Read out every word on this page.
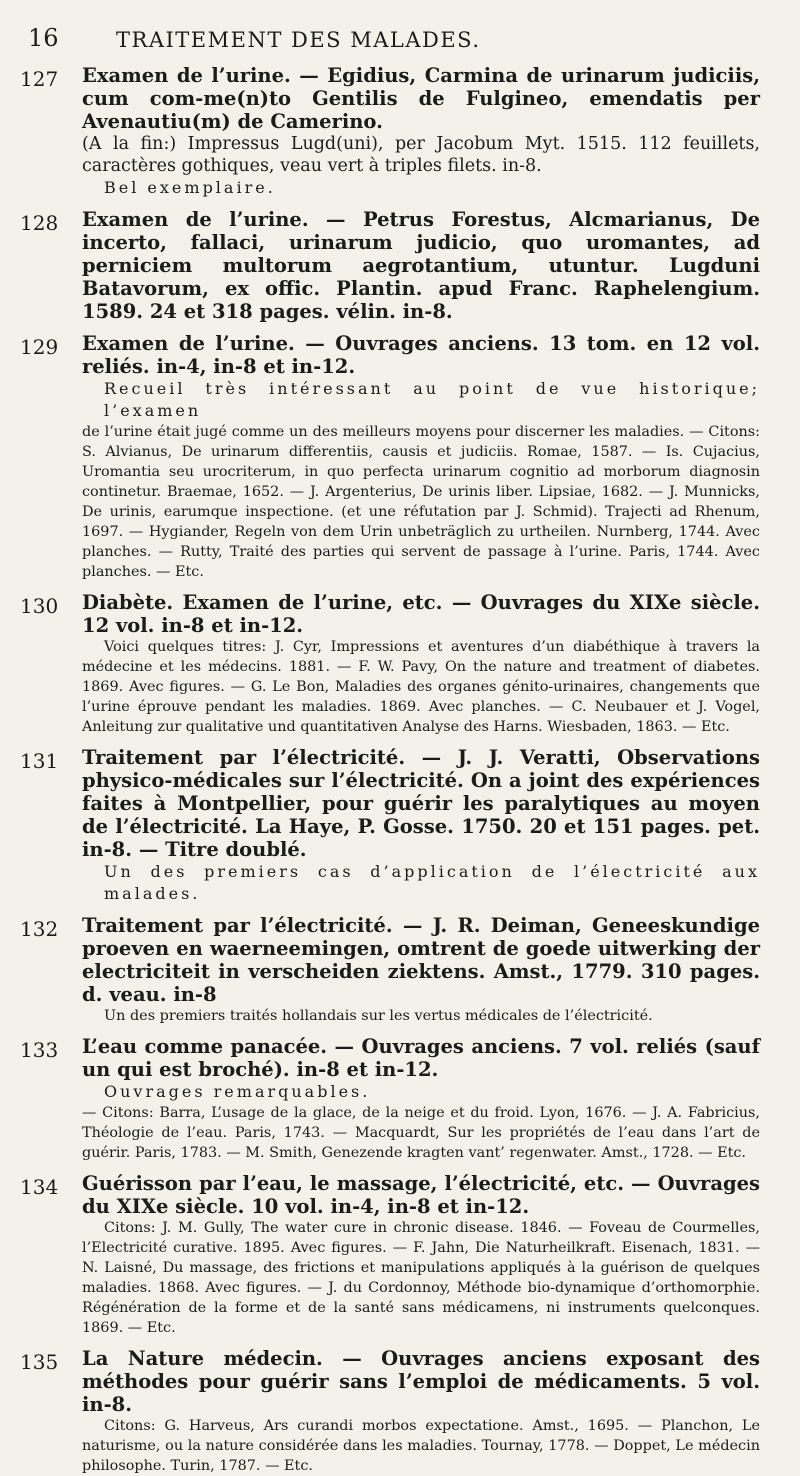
16	TRAITEMENT DES MALADES.
127	Examen de l’urine. — Egidius, Carmina de urinarum judiciis, cum com-me(n)to Gentilis de Fulgineo, emendatis per Avenautiu(m) de Camerino.
(A la fin:) Impressus Lugd(uni), per Jacobum Myt. 1515. 112 feuillets, caractères gothiques, veau vert à triples filets. in-8.
Bel exemplaire.
128	Examen de l’urine. — Petrus Forestus, Alcmarianus, De incerto, fallaci, urinarum judicio, quo uromantes, ad perniciem multorum aegrotantium, utuntur. Lugduni Batavorum, ex offic. Plantin. apud Franc. Raphelengium. 1589. 24 et 318 pages. vélin. in-8.
129	Examen de l’urine. — Ouvrages anciens. 13 tom. en 12 vol. reliés. in-4, in-8 et in-12.
Recueil très intéressant au point de vue historique; l’examen
de l’urine était jugé comme un des meilleurs moyens pour discerner les maladies. — Citons: S. Alvianus, De urinarum differentiis, causis et judiciis. Romae, 1587. — Is. Cujacius, Uromantia seu urocriterum, in quo perfecta urinarum cognitio ad morborum diagnosin continetur. Braemae, 1652. — J. Argenterius, De urinis liber. Lipsiae, 1682. — J. Munnicks, De urinis, earumque inspectione. (et une réfutation par J. Schmid). Trajecti ad Rhenum, 1697. — Hygiander, Regeln von dem Urin unbeträglich zu urtheilen. Nurnberg, 1744. Avec planches. — Rutty, Traité des parties qui servent de passage à l’urine. Paris, 1744. Avec planches. — Etc.
130	Diabète. Examen de l’urine, etc. — Ouvrages du XIXe siècle. 12 vol. in-8 et in-12.
Voici quelques titres: J. Cyr, Impressions et aventures d’un diabéthique à travers la médecine et les médecins. 1881. — F. W. Pavy, On the nature and treatment of diabetes. 1869. Avec figures. — G. Le Bon, Maladies des organes génito-urinaires, changements que l’urine éprouve pendant les maladies. 1869. Avec planches. — C. Neubauer et J. Vogel, Anleitung zur qualitative und quantitativen Analyse des Harns. Wiesbaden, 1863. — Etc.
131	Traitement par l’électricité. — J. J. Veratti, Observations physico-médicales sur l’électricité. On a joint des expériences faites à Montpellier, pour guérir les paralytiques au moyen de l’électricité. La Haye, P. Gosse. 1750. 20 et 151 pages. pet. in-8. — Titre doublé.
Un des premiers cas d’application de l’électricité aux malades.
132	Traitement par l’électricité. — J. R. Deiman, Geneeskundige proeven en waerneemingen, omtrent de goede uitwerking der electriciteit in verscheiden ziektens. Amst., 1779. 310 pages. d. veau. in-8
Un des premiers traités hollandais sur les vertus médicales de l’électricité.
133	L’eau comme panacée. — Ouvrages anciens. 7 vol. reliés (sauf un qui est broché). in-8 et in-12.
Ouvrages remarquables.
— Citons: Barra, L’usage de la glace, de la neige et du froid. Lyon, 1676. — J. A. Fabricius, Théologie de l’eau. Paris, 1743. — Macquardt, Sur les propriétés de l’eau dans l’art de guérir. Paris, 1783. — M. Smith, Genezende kragten vant’ regenwater. Amst., 1728. — Etc.
134	Guérisson par l’eau, le massage, l’électricité, etc. — Ouvrages du XIXe siècle. 10 vol. in-4, in-8 et in-12.
Citons: J. M. Gully, The water cure in chronic disease. 1846. — Foveau de Courmelles, l’Electricité curative. 1895. Avec figures. — F. Jahn, Die Naturheilkraft. Eisenach, 1831. — N. Laisné, Du massage, des frictions et manipulations appliqués à la guérison de quelques maladies. 1868. Avec figures. — J. du Cordonnoy, Méthode bio-dynamique d’orthomorphie. Régénération de la forme et de la santé sans médicamens, ni instruments quelconques. 1869. — Etc.
135	La Nature médecin. — Ouvrages anciens exposant des méthodes pour guérir sans l’emploi de médicaments. 5 vol. in-8.
Citons: G. Harveus, Ars curandi morbos expectatione. Amst., 1695. — Planchon, Le naturisme, ou la nature considérée dans les maladies. Tournay, 1778. — Doppet, Le médecin philosophe. Turin, 1787. — Etc.
